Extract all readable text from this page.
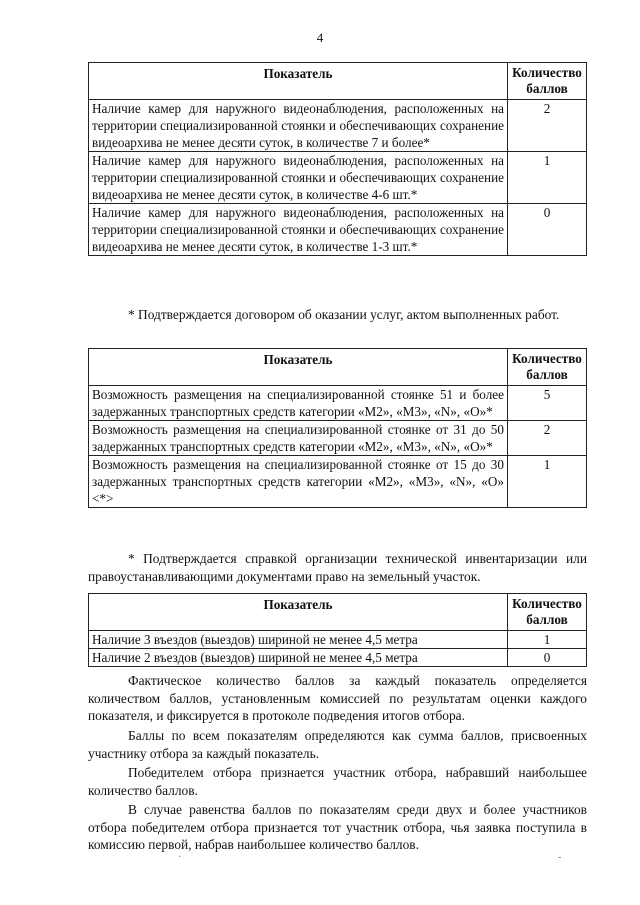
4
Показатель	Количество баллов
Наличие камер для наружного видеонаблюдения, расположенных на территории специализированной стоянки и обеспечивающих сохранение видеоархива не менее десяти суток, в количестве 7 и более*	2
Наличие камер для наружного видеонаблюдения, расположенных на территории специализированной стоянки и обеспечивающих сохранение видеоархива не менее десяти суток, в количестве 4-6 шт.*	1
Наличие камер для наружного видеонаблюдения, расположенных на территории специализированной стоянки и обеспечивающих сохранение видеоархива не менее десяти суток, в количестве 1-3 шт.*	0

* Подтверждается договором об оказании услуг, актом выполненных работ.

Показатель	Количество баллов
Возможность размещения на специализированной стоянке 51 и более задержанных транспортных средств категории «M2», «M3», «N», «O»*	5
Возможность размещения на специализированной стоянке от 31 до 50 задержанных транспортных средств категории «M2», «M3», «N», «O»*	2
Возможность размещения на специализированной стоянке от 15 до 30 задержанных транспортных средств категории «M2», «M3», «N», «O» <*>	1

* Подтверждается справкой организации технической инвентаризации или правоустанавливающими документами право на земельный участок.

Показатель	Количество баллов
Наличие 3 въездов (выездов) шириной не менее 4,5 метра	1
Наличие 2 въездов (выездов) шириной не менее 4,5 метра	0

Фактическое количество баллов за каждый показатель определяется количеством баллов, установленным комиссией по результатам оценки каждого показателя, и фиксируется в протоколе подведения итогов отбора.

Баллы по всем показателям определяются как сумма баллов, присвоенных участнику отбора за каждый показатель.

Победителем отбора признается участник отбора, набравший наибольшее количество баллов.

В случае равенства баллов по показателям среди двух и более участников отбора победителем отбора признается тот участник отбора, чья заявка поступила в комиссию первой, набрав наибольшее количество баллов.

·	-
